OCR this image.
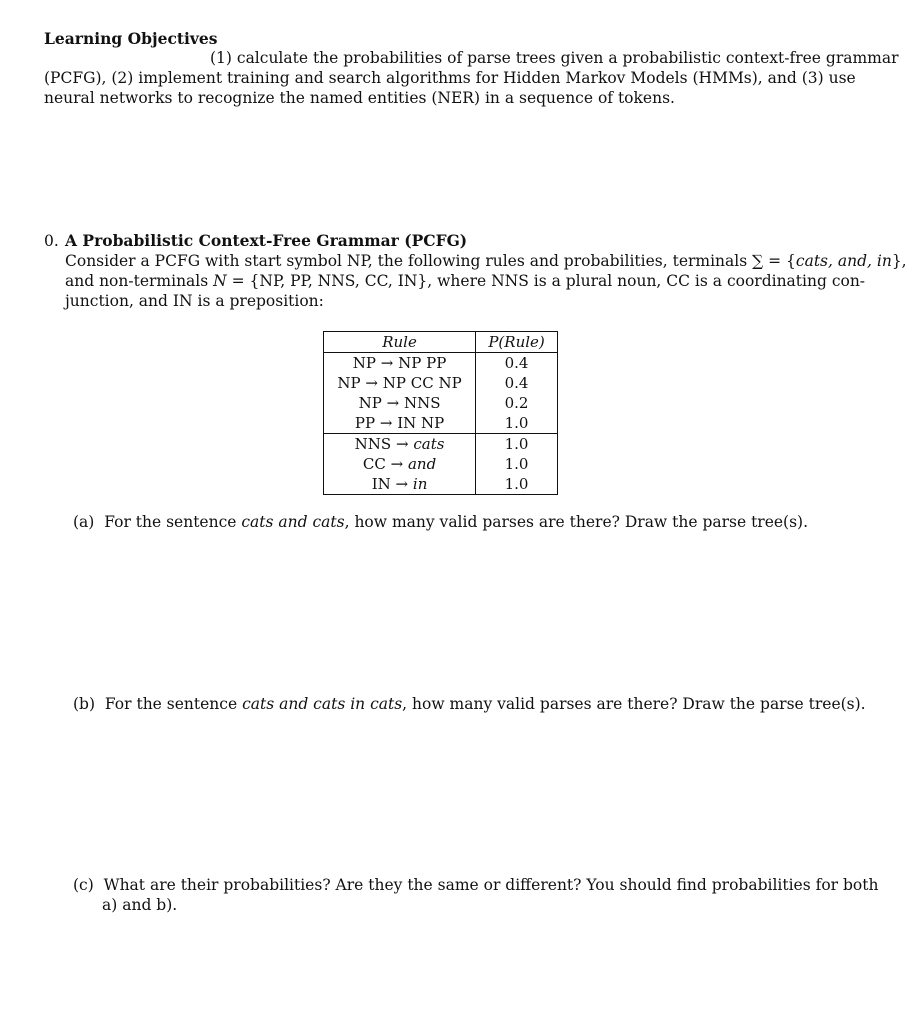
Learning Objectives
(1) calculate the probabilities of parse trees given a probabilistic context-free grammar
(PCFG), (2) implement training and search algorithms for Hidden Markov Models (HMMs), and (3) use
neural networks to recognize the named entities (NER) in a sequence of tokens.
0. A Probabilistic Context-Free Grammar (PCFG)
Consider a PCFG with start symbol NP, the following rules and probabilities, terminals ∑ = {cats, and, in},
and non-terminals N = {NP, PP, NNS, CC, IN}, where NNS is a plural noun, CC is a coordinating con-
junction, and IN is a preposition:
Rule	P(Rule)
NP → NP PP	0.4
NP → NP CC NP	0.4
NP → NNS	0.2
PP → IN NP	1.0
NNS → cats	1.0
CC → and	1.0
IN → in	1.0
(a) For the sentence cats and cats, how many valid parses are there? Draw the parse tree(s).
(b) For the sentence cats and cats in cats, how many valid parses are there? Draw the parse tree(s).
(c) What are their probabilities? Are they the same or different? You should find probabilities for both
a) and b).
